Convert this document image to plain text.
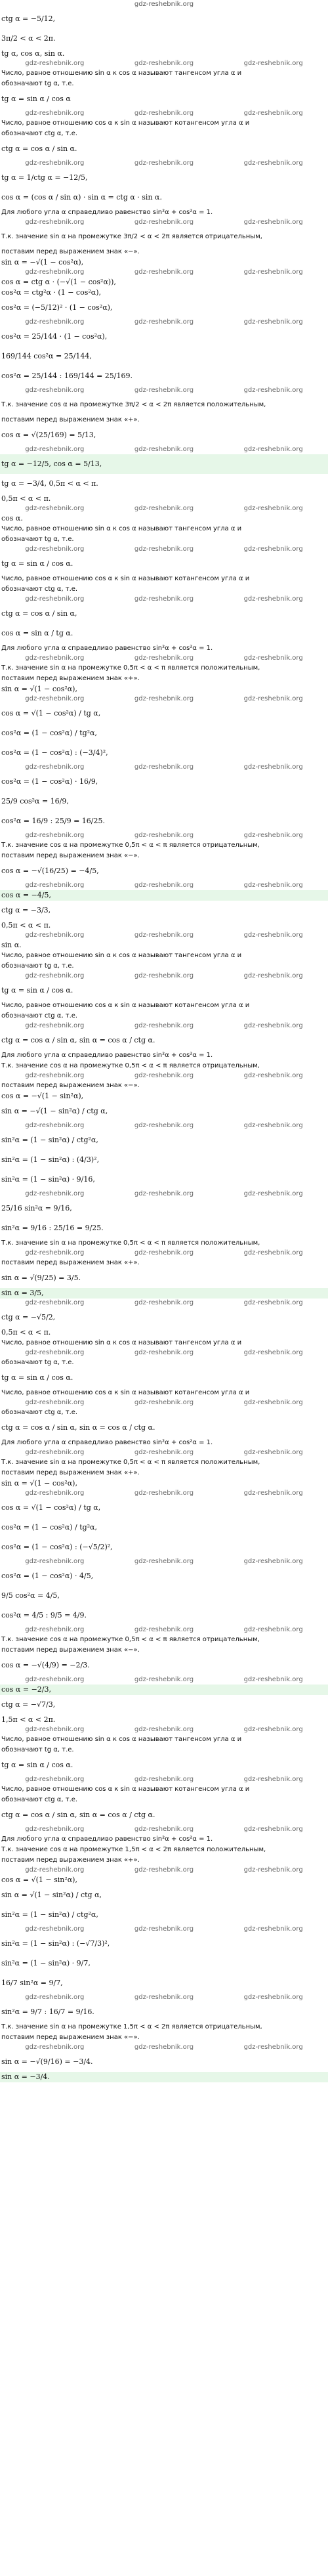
gdz-reshebnik.org
ctg α = −5/12,
3π/2 < α < 2π.
tg α, cos α, sin α.
gdz-reshebnik.org	gdz-reshebnik.org	gdz-reshebnik.org
Число, равное отношению sin α к cos α называют тангенсом угла α и
обозначают tg α, т.е.
tg α = sin α / cos α
gdz-reshebnik.org	gdz-reshebnik.org	gdz-reshebnik.org
Число, равное отношению cos α к sin α называют котангенсом угла α и
обозначают ctg α, т.е.
ctg α = cos α / sin α.
gdz-reshebnik.org	gdz-reshebnik.org	gdz-reshebnik.org
tg α = 1/ctg α = −12/5,
cos α = (cos α / sin α) · sin α = ctg α · sin α.
Для любого угла α справедливо равенство sin²α + cos²α = 1.
gdz-reshebnik.org	gdz-reshebnik.org	gdz-reshebnik.org
Т.к. значение sin α на промежутке 3π/2 < α < 2π является отрицательным,
поставим перед выражением знак «−».
sin α = −√(1 − cos²α),
gdz-reshebnik.org	gdz-reshebnik.org	gdz-reshebnik.org
cos α = ctg α · (−√(1 − cos²α)),
cos²α = ctg²α · (1 − cos²α),
cos²α = (−5/12)² · (1 − cos²α),
gdz-reshebnik.org	gdz-reshebnik.org	gdz-reshebnik.org
cos²α = 25/144 · (1 − cos²α),
169/144 cos²α = 25/144,
cos²α = 25/144 : 169/144 = 25/169.
gdz-reshebnik.org	gdz-reshebnik.org	gdz-reshebnik.org
Т.к. значение cos α на промежутке 3π/2 < α < 2π является положительным,
поставим перед выражением знак «+».
cos α = √(25/169) = 5/13,
gdz-reshebnik.org	gdz-reshebnik.org	gdz-reshebnik.org
tg α = −12/5, cos α = 5/13,
tg α = −3/4, 0,5π < α < π.
0,5π < α < π.
gdz-reshebnik.org	gdz-reshebnik.org	gdz-reshebnik.org
cos α.
Число, равное отношению sin α к cos α называют тангенсом угла α и
обозначают tg α, т.е.
gdz-reshebnik.org	gdz-reshebnik.org	gdz-reshebnik.org
tg α = sin α / cos α.
Число, равное отношению cos α к sin α называют котангенсом угла α и
обозначают ctg α, т.е.
gdz-reshebnik.org	gdz-reshebnik.org	gdz-reshebnik.org
ctg α = cos α / sin α,
cos α = sin α / tg α.
Для любого угла α справедливо равенство sin²α + cos²α = 1.
gdz-reshebnik.org	gdz-reshebnik.org	gdz-reshebnik.org
Т.к. значение sin α на промежутке 0,5π < α < π является положительным,
поставим перед выражением знак «+».
sin α = √(1 − cos²α),
gdz-reshebnik.org	gdz-reshebnik.org	gdz-reshebnik.org
cos α = √(1 − cos²α) / tg α,
cos²α = (1 − cos²α) / tg²α,
cos²α = (1 − cos²α) : (−3/4)²,
gdz-reshebnik.org	gdz-reshebnik.org	gdz-reshebnik.org
cos²α = (1 − cos²α) · 16/9,
25/9 cos²α = 16/9,
cos²α = 16/9 : 25/9 = 16/25.
gdz-reshebnik.org	gdz-reshebnik.org	gdz-reshebnik.org
Т.к. значение cos α на промежутке 0,5π < α < π является отрицательным,
поставим перед выражением знак «−».
cos α = −√(16/25) = −4/5,
gdz-reshebnik.org	gdz-reshebnik.org	gdz-reshebnik.org
cos α = −4/5,
ctg α = −3/3,
0,5π < α < π.
gdz-reshebnik.org	gdz-reshebnik.org	gdz-reshebnik.org
sin α.
Число, равное отношению sin α к cos α называют тангенсом угла α и
обозначают tg α, т.е.
gdz-reshebnik.org	gdz-reshebnik.org	gdz-reshebnik.org
tg α = sin α / cos α.
Число, равное отношению cos α к sin α называют котангенсом угла α и
обозначают ctg α, т.е.
gdz-reshebnik.org	gdz-reshebnik.org	gdz-reshebnik.org
ctg α = cos α / sin α, sin α = cos α / ctg α.
Для любого угла α справедливо равенство sin²α + cos²α = 1.
Т.к. значение cos α на промежутке 0,5π < α < π является отрицательным,
gdz-reshebnik.org	gdz-reshebnik.org	gdz-reshebnik.org
поставим перед выражением знак «−».
cos α = −√(1 − sin²α),
sin α = −√(1 − sin²α) / ctg α,
gdz-reshebnik.org	gdz-reshebnik.org	gdz-reshebnik.org
sin²α = (1 − sin²α) / ctg²α,
sin²α = (1 − sin²α) : (4/3)²,
sin²α = (1 − sin²α) · 9/16,
gdz-reshebnik.org	gdz-reshebnik.org	gdz-reshebnik.org
25/16 sin²α = 9/16,
sin²α = 9/16 : 25/16 = 9/25.
Т.к. значение sin α на промежутке 0,5π < α < π является положительным,
gdz-reshebnik.org	gdz-reshebnik.org	gdz-reshebnik.org
поставим перед выражением знак «+».
sin α = √(9/25) = 3/5.
sin α = 3/5,
gdz-reshebnik.org	gdz-reshebnik.org	gdz-reshebnik.org
ctg α = −√5/2,
0,5π < α < π.
Число, равное отношению sin α к cos α называют тангенсом угла α и
gdz-reshebnik.org	gdz-reshebnik.org	gdz-reshebnik.org
обозначают tg α, т.е.
tg α = sin α / cos α.
Число, равное отношению cos α к sin α называют котангенсом угла α и
gdz-reshebnik.org	gdz-reshebnik.org	gdz-reshebnik.org
обозначают ctg α, т.е.
ctg α = cos α / sin α, sin α = cos α / ctg α.
Для любого угла α справедливо равенство sin²α + cos²α = 1.
gdz-reshebnik.org	gdz-reshebnik.org	gdz-reshebnik.org
Т.к. значение sin α на промежутке 0,5π < α < π является положительным,
поставим перед выражением знак «+».
sin α = √(1 − cos²α),
gdz-reshebnik.org	gdz-reshebnik.org	gdz-reshebnik.org
cos α = √(1 − cos²α) / tg α,
cos²α = (1 − cos²α) / tg²α,
cos²α = (1 − cos²α) : (−√5/2)²,
gdz-reshebnik.org	gdz-reshebnik.org	gdz-reshebnik.org
cos²α = (1 − cos²α) · 4/5,
9/5 cos²α = 4/5,
cos²α = 4/5 : 9/5 = 4/9.
gdz-reshebnik.org	gdz-reshebnik.org	gdz-reshebnik.org
Т.к. значение cos α на промежутке 0,5π < α < π является отрицательным,
поставим перед выражением знак «−».
cos α = −√(4/9) = −2/3.
gdz-reshebnik.org	gdz-reshebnik.org	gdz-reshebnik.org
cos α = −2/3,
ctg α = −√7/3,
1,5π < α < 2π.
gdz-reshebnik.org	gdz-reshebnik.org	gdz-reshebnik.org
Число, равное отношению sin α к cos α называют тангенсом угла α и
обозначают tg α, т.е.
tg α = sin α / cos α.
gdz-reshebnik.org	gdz-reshebnik.org	gdz-reshebnik.org
Число, равное отношению cos α к sin α называют котангенсом угла α и
обозначают ctg α, т.е.
ctg α = cos α / sin α, sin α = cos α / ctg α.
gdz-reshebnik.org	gdz-reshebnik.org	gdz-reshebnik.org
Для любого угла α справедливо равенство sin²α + cos²α = 1.
Т.к. значение cos α на промежутке 1,5π < α < 2π является положительным,
поставим перед выражением знак «+».
gdz-reshebnik.org	gdz-reshebnik.org	gdz-reshebnik.org
cos α = √(1 − sin²α),
sin α = √(1 − sin²α) / ctg α,
sin²α = (1 − sin²α) / ctg²α,
gdz-reshebnik.org	gdz-reshebnik.org	gdz-reshebnik.org
sin²α = (1 − sin²α) : (−√7/3)²,
sin²α = (1 − sin²α) · 9/7,
16/7 sin²α = 9/7,
gdz-reshebnik.org	gdz-reshebnik.org	gdz-reshebnik.org
sin²α = 9/7 : 16/7 = 9/16.
Т.к. значение sin α на промежутке 1,5π < α < 2π является отрицательным,
поставим перед выражением знак «−».
gdz-reshebnik.org	gdz-reshebnik.org	gdz-reshebnik.org
sin α = −√(9/16) = −3/4.
sin α = −3/4.
